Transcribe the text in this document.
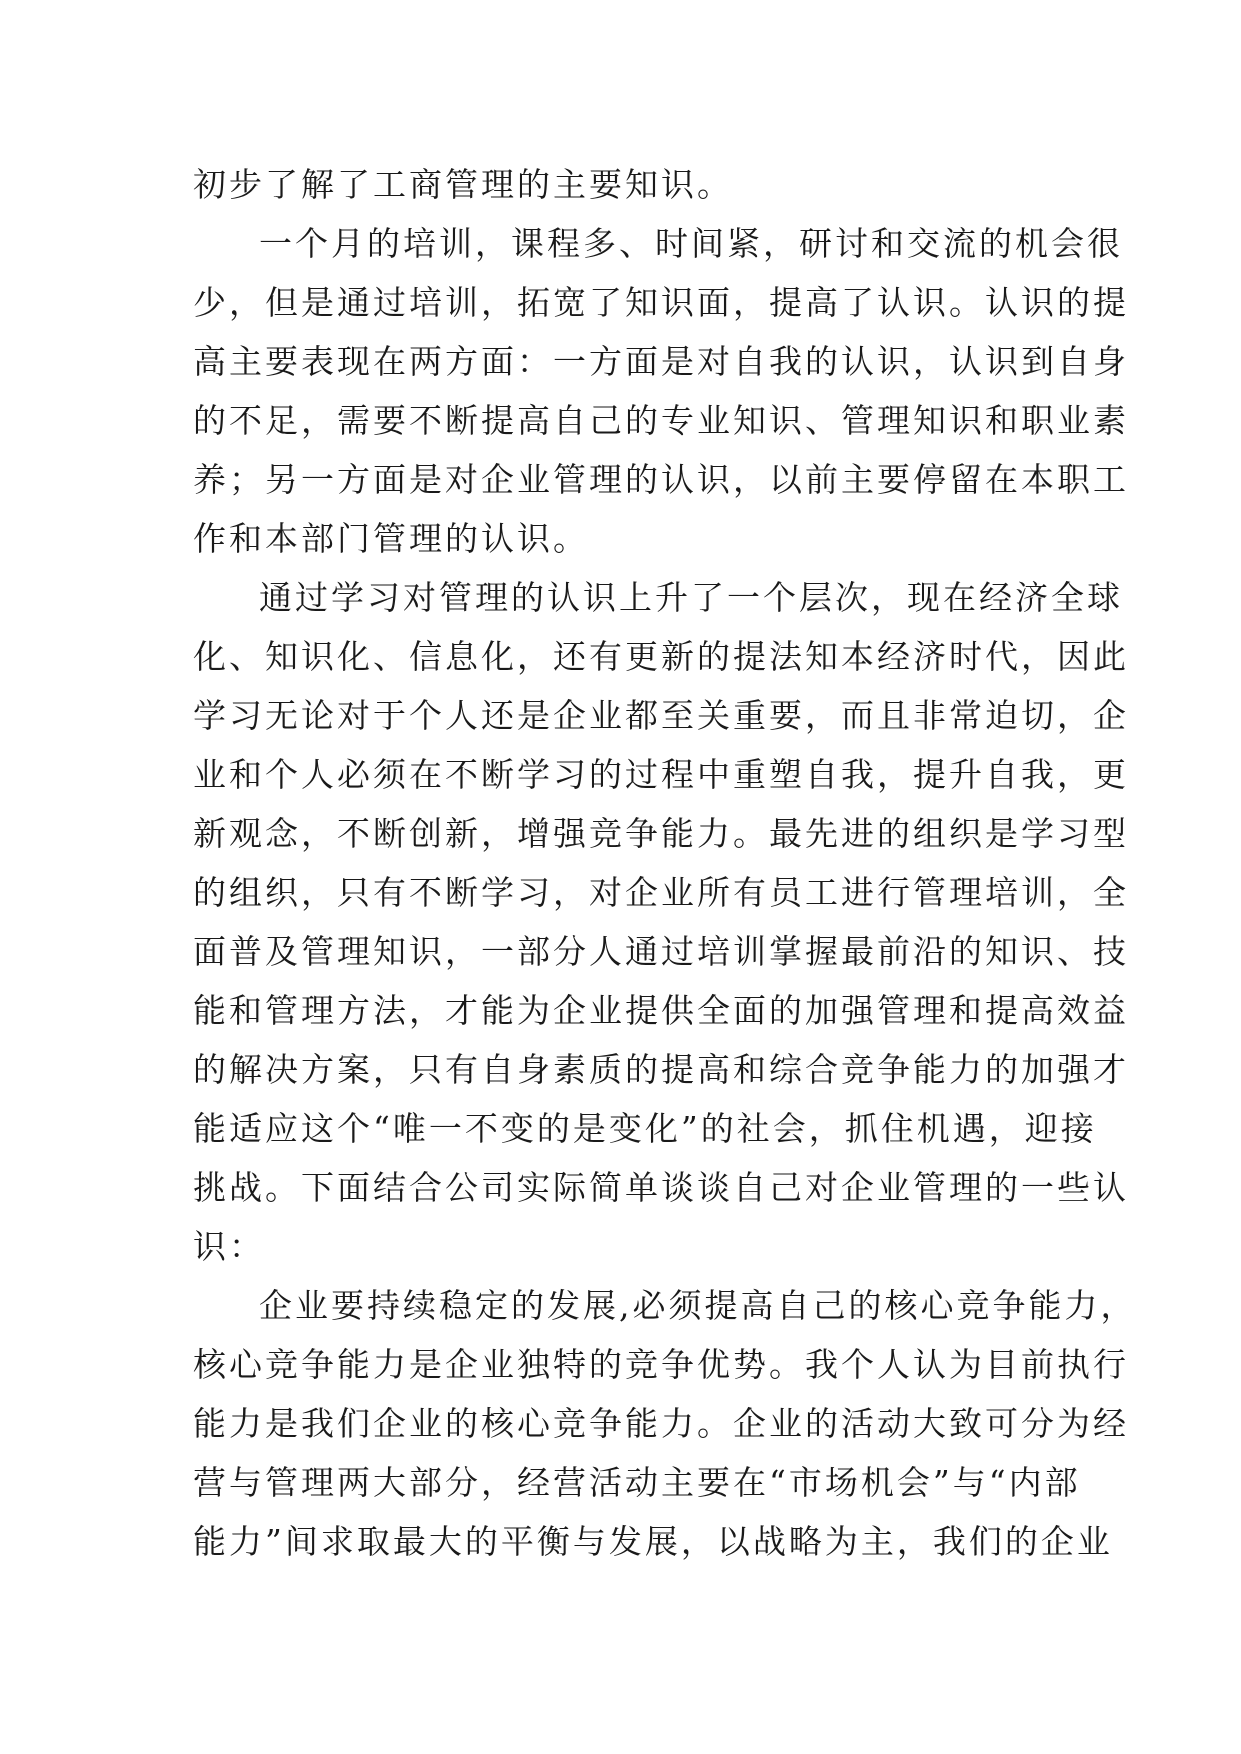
初步了解了工商管理的主要知识。
一个月的培训，课程多、时间紧，研讨和交流的机会很
少，但是通过培训，拓宽了知识面，提高了认识。认识的提
高主要表现在两方面：一方面是对自我的认识，认识到自身
的不足，需要不断提高自己的专业知识、管理知识和职业素
养；另一方面是对企业管理的认识，以前主要停留在本职工
作和本部门管理的认识。
通过学习对管理的认识上升了一个层次，现在经济全球
化、知识化、信息化，还有更新的提法知本经济时代，因此
学习无论对于个人还是企业都至关重要，而且非常迫切，企
业和个人必须在不断学习的过程中重塑自我，提升自我，更
新观念，不断创新，增强竞争能力。最先进的组织是学习型
的组织，只有不断学习，对企业所有员工进行管理培训，全
面普及管理知识，一部分人通过培训掌握最前沿的知识、技
能和管理方法，才能为企业提供全面的加强管理和提高效益
的解决方案，只有自身素质的提高和综合竞争能力的加强才
能适应这个“唯一不变的是变化”的社会，抓住机遇，迎接
挑战。下面结合公司实际简单谈谈自己对企业管理的一些认
识：
企业要持续稳定的发展,必须提高自己的核心竞争能力，
核心竞争能力是企业独特的竞争优势。我个人认为目前执行
能力是我们企业的核心竞争能力。企业的活动大致可分为经
营与管理两大部分，经营活动主要在“市场机会”与“内部
能力”间求取最大的平衡与发展，以战略为主，我们的企业
